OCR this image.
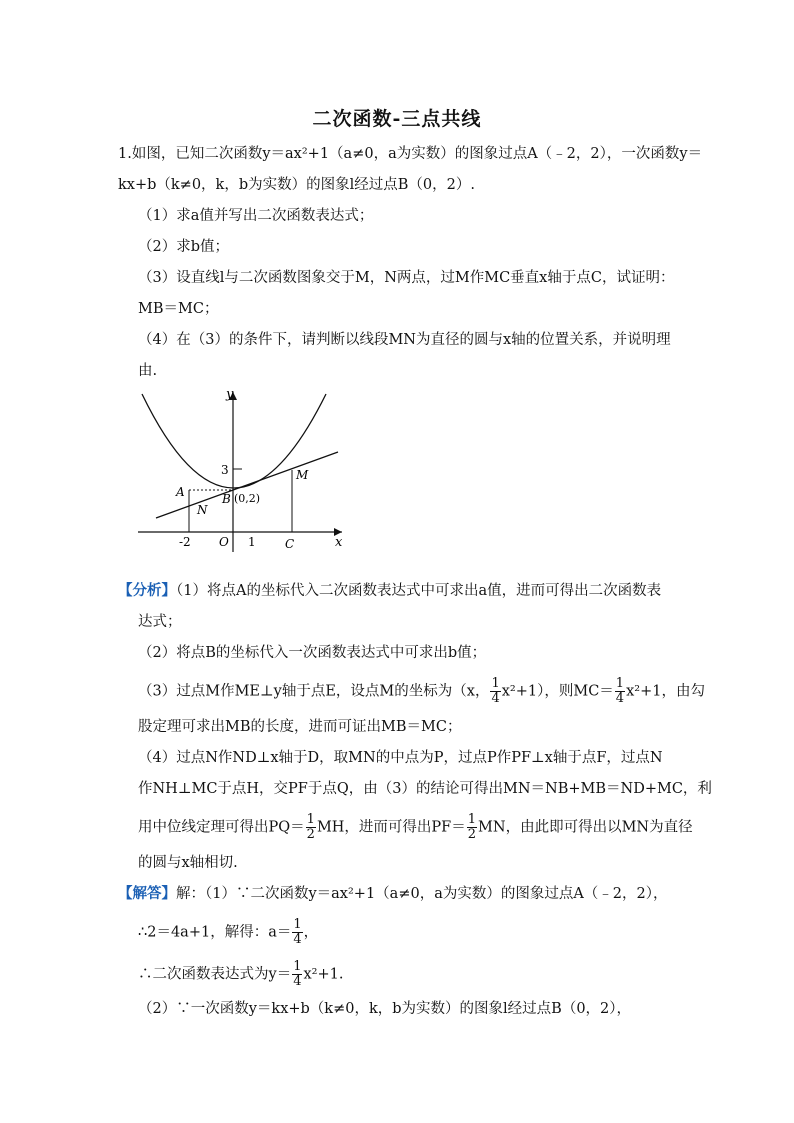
二次函数-三点共线
1.如图，已知二次函数y＝ax²+1（a≠0，a为实数）的图象过点A（﹣2，2），一次函数y＝
kx+b（k≠0，k，b为实数）的图象l经过点B（0，2）.
（1）求a值并写出二次函数表达式；
（2）求b值；
（3）设直线l与二次函数图象交于M，N两点，过M作MC垂直x轴于点C，试证明：
MB＝MC；
（4）在（3）的条件下，请判断以线段MN为直径的圆与x轴的位置关系，并说明理
由.
y
x
3
-2 O 1 C
A	B (0,2)
N
M
【分析】（1）将点A的坐标代入二次函数表达式中可求出a值，进而可得出二次函数表
达式；
（2）将点B的坐标代入一次函数表达式中可求出b值；
（3）过点M作ME⊥y轴于点E，设点M的坐标为（x， $\frac{1}{4} x^2+1$），则$MC= \frac{1}{4} x^2+1$，由勾
股定理可求出MB的长度，进而可证出MB＝MC；
（4）过点N作ND⊥x轴于D，取MN的中点为P，过点P作PF⊥x轴于点F，过点N
作NH⊥MC于点H，交PF于点Q，由（3）的结论可得出MN＝NB+MB＝ND+MC，利
用中位线定理可得出$PQ= \frac{1}{2}$ MH，进而可得出$PF= \frac{1}{2}$ MN，由此即可得出以MN为直径
的圆与x轴相切.
【解答】解：（1）∵二次函数y＝ax²+1（a≠0，a为实数）的图象过点A（﹣2，2），
∴2＝4a+1，解得：$a= \frac{1}{4}$ ，
∴二次函数表达式为$y= \frac{1}{4} x^2+1$.
（2）∵一次函数y＝kx+b（k≠0，k，b为实数）的图象l经过点B（0，2），
